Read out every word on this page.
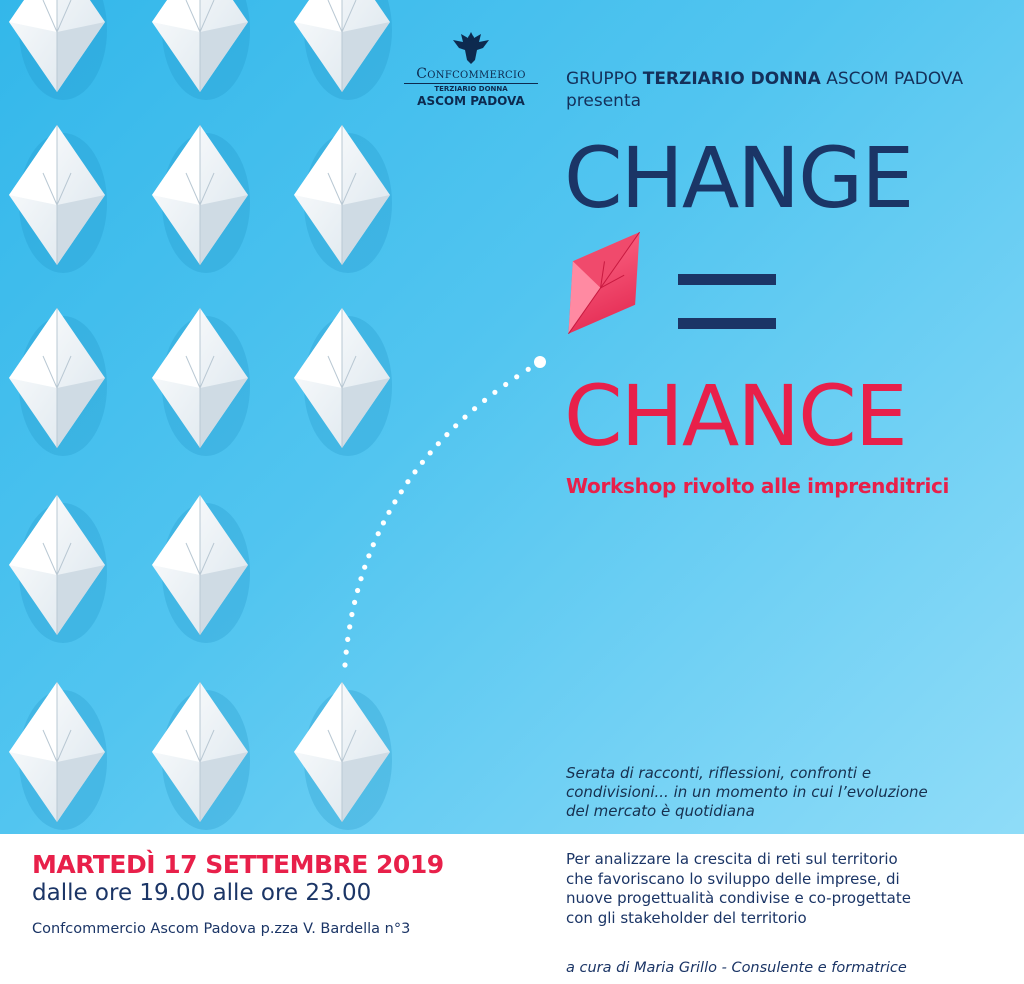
Confcommercio
TERZIARIO DONNA
ASCOM PADOVA
GRUPPO TERZIARIO DONNA ASCOM PADOVA
presenta
CHANGE
CHANCE
Workshop rivolto alle imprenditrici
Serata di racconti, riflessioni, confronti e
condivisioni... in un momento in cui l’evoluzione
del mercato è quotidiana
MARTEDÌ 17 SETTEMBRE 2019
dalle ore 19.00 alle ore 23.00
Confcommercio Ascom Padova p.zza V. Bardella n°3
Per analizzare la crescita di reti sul territorio
che favoriscano lo sviluppo delle imprese, di
nuove progettualità condivise e co-progettate
con gli stakeholder del territorio
a cura di Maria Grillo - Consulente e formatrice
